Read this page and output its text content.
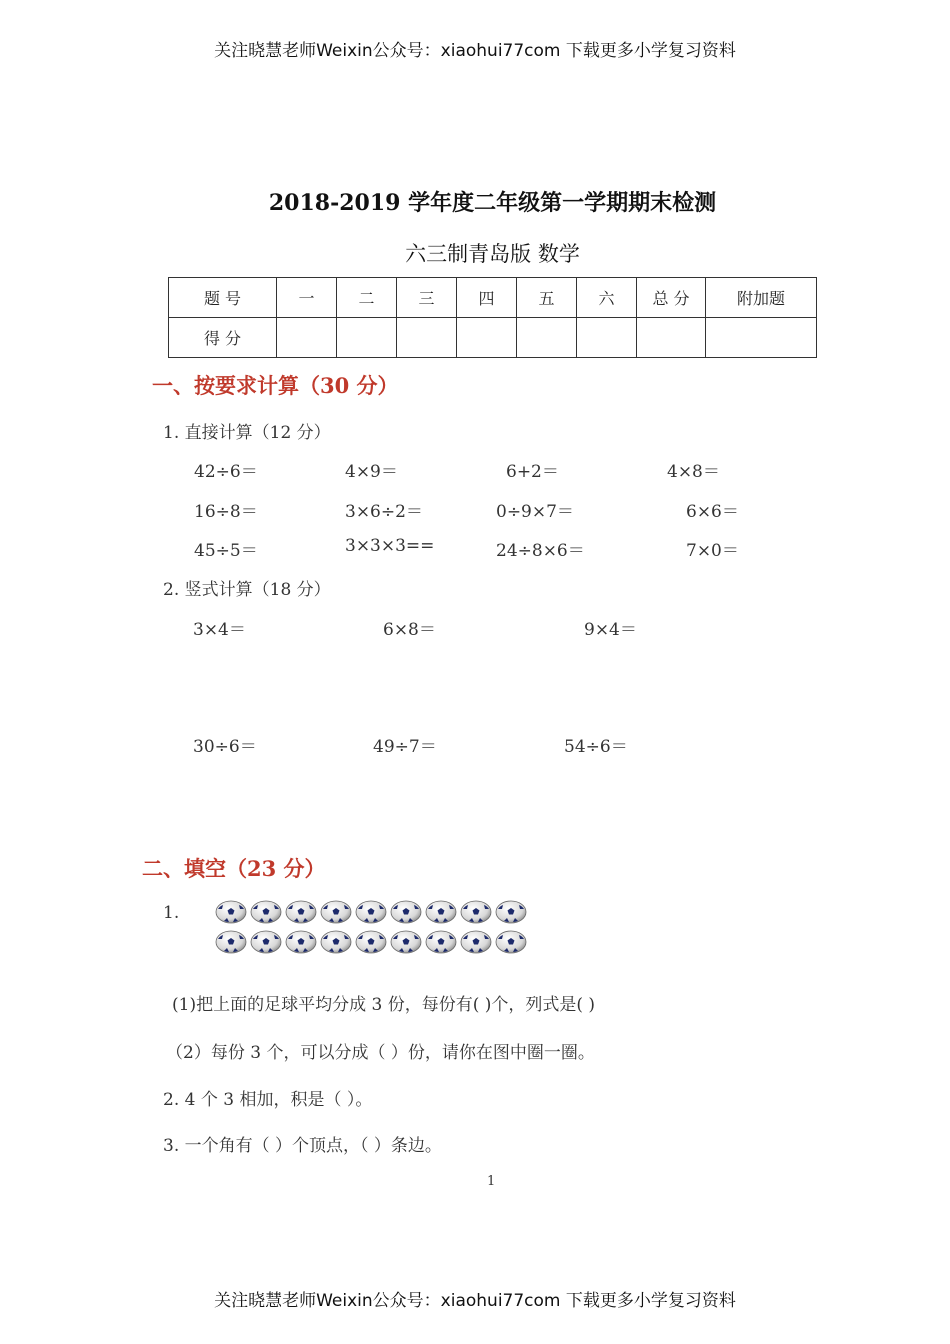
关注晓慧老师Weixin公众号：xiaohui77com 下载更多小学复习资料
2018-2019 学年度二年级第一学期期末检测
六三制青岛版 数学
题 号	一	二	三	四	五	六	总 分	附加题
得 分								
一、按要求计算（30 分）
1. 直接计算（12 分）
42÷6＝	4×9＝	6+2＝	4×8＝
16÷8＝	3×6÷2＝	0÷9×7＝	6×6＝
45÷5＝	3×3×3==	24÷8×6＝	7×0＝
2. 竖式计算（18 分）
3×4＝	6×8＝	9×4＝
30÷6＝	49÷7＝	54÷6＝
二、填空（23 分）
1.
(1)把上面的足球平均分成 3 份，每份有( )个，列式是( )
（2）每份 3 个，可以分成（ ）份，请你在图中圈一圈。
2. 4 个 3 相加，积是（ ）。
3. 一个角有（ ）个顶点，（ ）条边。
1
关注晓慧老师Weixin公众号：xiaohui77com 下载更多小学复习资料
